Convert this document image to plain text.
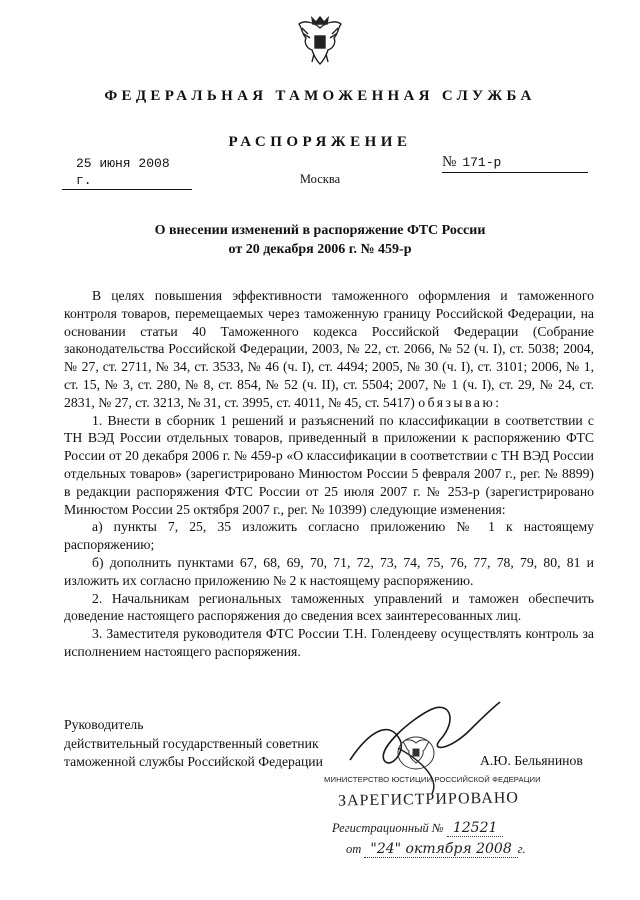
ФЕДЕРАЛЬНАЯ ТАМОЖЕННАЯ СЛУЖБА
РАСПОРЯЖЕНИЕ
25 июня 2008 г.
№ 171-р
Москва
О внесении изменений в распоряжение ФТС России
от 20 декабря 2006 г. № 459-р

В целях повышения эффективности таможенного оформления и таможенного контроля товаров, перемещаемых через таможенную границу Российской Федерации, на основании статьи 40 Таможенного кодекса Российской Федерации (Собрание законодательства Российской Федерации, 2003, № 22, ст. 2066, № 52 (ч. I), ст. 5038; 2004, № 27, ст. 2711, № 34, ст. 3533, № 46 (ч. I), ст. 4494; 2005, № 30 (ч. I), ст. 3101; 2006, № 1, ст. 15, № 3, ст. 280, № 8, ст. 854, № 52 (ч. II), ст. 5504; 2007, № 1 (ч. I), ст. 29, № 24, ст. 2831, № 27, ст. 3213, № 31, ст. 3995, ст. 4011, № 45, ст. 5417) обязываю:

1. Внести в сборник 1 решений и разъяснений по классификации в соответствии с ТН ВЭД России отдельных товаров, приведенный в приложении к распоряжению ФТС России от 20 декабря 2006 г. № 459-р «О классификации в соответствии с ТН ВЭД России отдельных товаров» (зарегистрировано Минюстом России 5 февраля 2007 г., рег. № 8899) в редакции распоряжения ФТС России от 25 июля 2007 г. № 253-р (зарегистрировано Минюстом России 25 октября 2007 г., рег. № 10399) следующие изменения:

а) пункты 7, 25, 35 изложить согласно приложению № 1 к настоящему распоряжению;

б) дополнить пунктами 67, 68, 69, 70, 71, 72, 73, 74, 75, 76, 77, 78, 79, 80, 81 и изложить их согласно приложению № 2 к настоящему распоряжению.

2. Начальникам региональных таможенных управлений и таможен обеспечить доведение настоящего распоряжения до сведения всех заинтересованных лиц.

3. Заместителя руководителя ФТС России Т.Н. Голендееву осуществлять контроль за исполнением настоящего распоряжения.

Руководитель
действительный государственный советник
таможенной службы Российской Федерации	А.Ю. Бельянинов
МИНИСТЕРСТВО ЮСТИЦИИ РОССИЙСКОЙ ФЕДЕРАЦИИ
ЗАРЕГИСТРИРОВАНО
Регистрационный № 12521
от "24" октября 2008 г.
